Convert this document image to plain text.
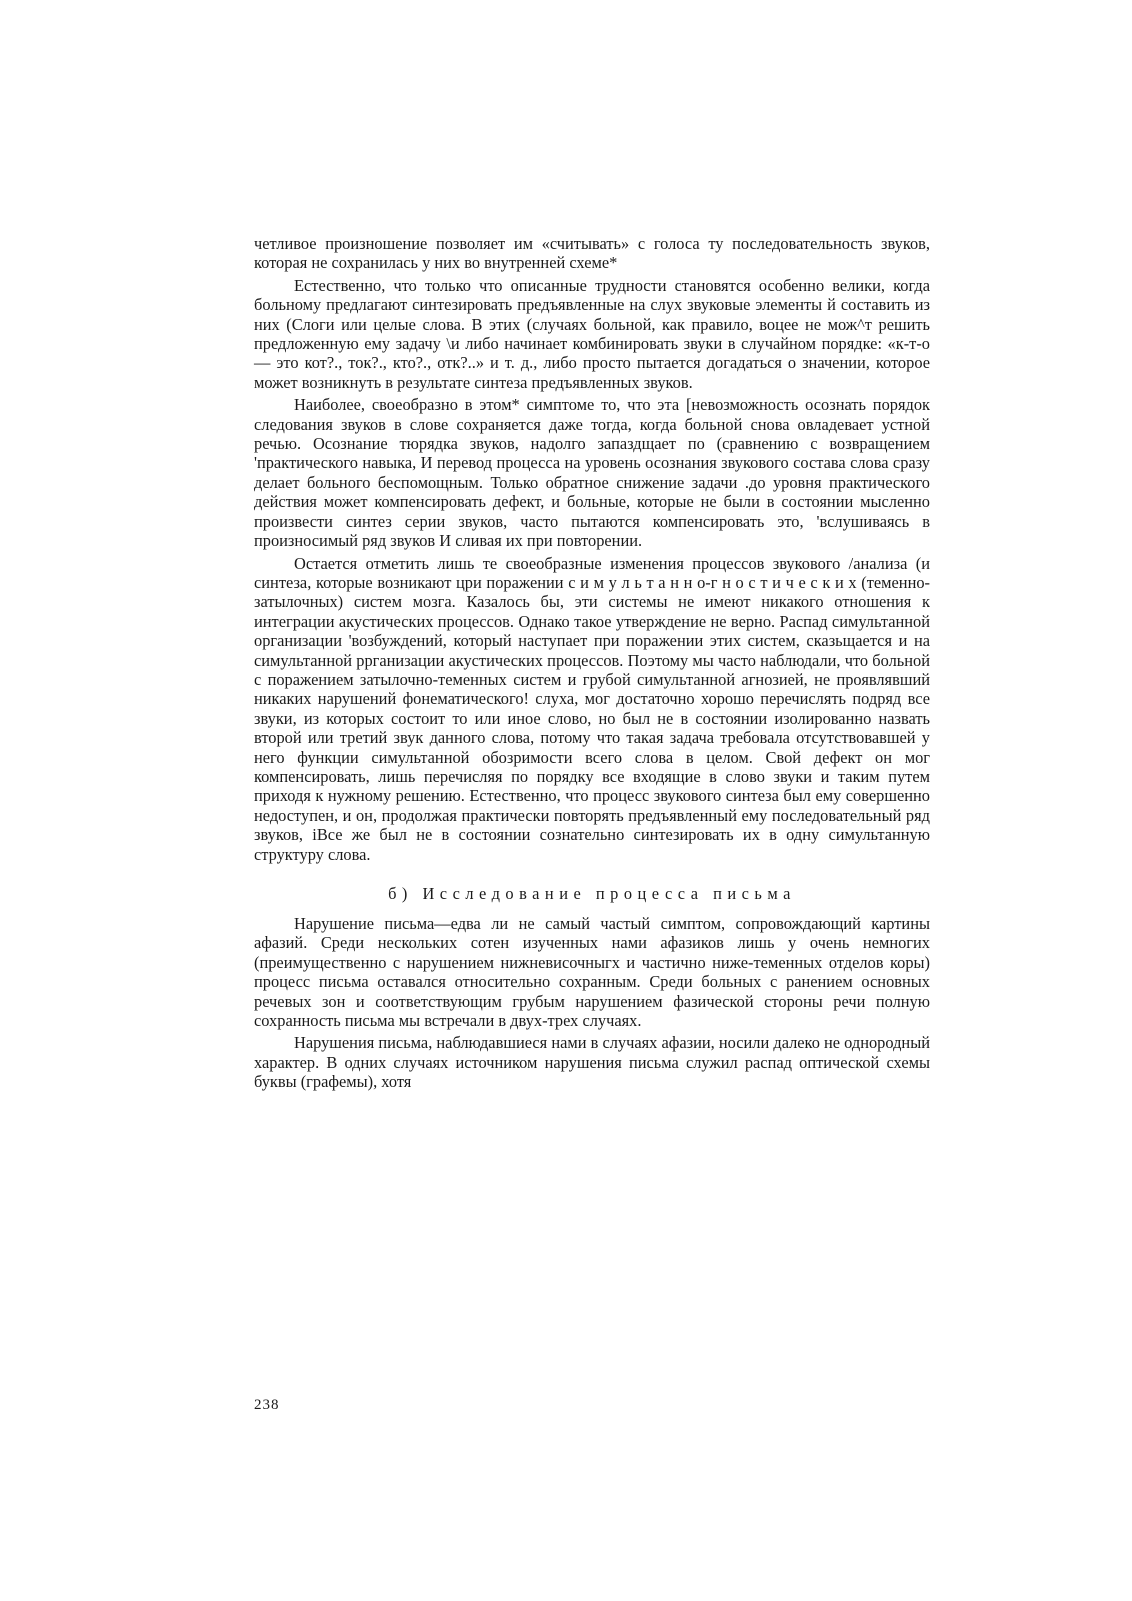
четливое произношение позволяет им «считывать» с голоса ту последовательность звуков, которая не сохранилась у них во внутренней схеме*

Естественно, что только что описанные трудности становятся особенно велики, когда больному предлагают синтезировать предъявленные на слух звуковые элементы й составить из них (Слоги или целые слова. В этих (случаях больной, как правило, воцее не мож^т решить предложенную ему задачу \и либо начинает комбинировать звуки в случайном порядке: «к-т-о — это кот?., ток?., кто?., отк?..» и т. д., либо просто пытается догадаться о значении, которое может возникнуть в результате синтеза предъявленных звуков.

Наиболее, своеобразно в этом* симптоме то, что эта [невозможность осознать порядок следования звуков в слове сохраняется даже тогда, когда больной снова овладевает устной речью. Осознание тюрядка звуков, надолго запаздщает по (сравнению с возвращением 'практического навыка, И перевод процесса на уровень осознания звукового состава слова сразу делает больного беспомощным. Только обратное снижение задачи .до уровня практического действия может компенсировать дефект, и больные, которые не были в состоянии мысленно произвести синтез серии звуков, часто пытаются компенсировать это, 'вслушиваясь в произносимый ряд звуков И сливая их при повторении.

Остается отметить лишь те своеобразные изменения процессов звукового /анализа (и синтеза, которые возникают цри поражении с и м у л ь т а н н о-г н о с т и ч е с к и х (теменно-затылочных) систем мозга. Казалось бы, эти системы не имеют никакого отношения к интеграции акустических процессов. Однако такое утверждение не верно. Распад симультанной организации 'возбуждений, который наступает при поражении этих систем, сказьщается и на симультанной ррганизации акустических процессов. Поэтому мы часто наблюдали, что больной с поражением затылочно-теменных систем и грубой симультанной агнозией, не проявлявший никаких нарушений фонематического! слуха, мог достаточно хорошо перечислять подряд все звуки, из которых состоит то или иное слово, но был не в состоянии изолированно назвать второй или третий звук данного слова, потому что такая задача требовала отсутствовавшей у него функции симультанной обозримости всего слова в целом. Свой дефект он мог компенсировать, лишь перечисляя по порядку все входящие в слово звуки и таким путем приходя к нужному решению. Естественно, что процесс звукового синтеза был ему совершенно недоступен, и он, продолжая практически повторять предъявленный ему последовательный ряд звуков, iВсе же был не в состоянии сознательно синтезировать их в одну симультанную структуру слова.

б) Исследование процесса письма

Нарушение письма—едва ли не самый частый симптом, сопровождающий картины афазий. Среди нескольких сотен изученных нами афазиков лишь у очень немногих (преимущественно с нарушением нижневисочныгх и частично ниже-теменных отделов коры) процесс письма оставался относительно сохранным. Среди больных с ранением основных речевых зон и соответствующим грубым нарушением фазической стороны речи полную сохранность письма мы встречали в двух-трех случаях.

Нарушения письма, наблюдавшиеся нами в случаях афазии, носили далеко не однородный характер. В одних случаях источником нарушения письма служил распад оптической схемы буквы (графемы), хотя

238
